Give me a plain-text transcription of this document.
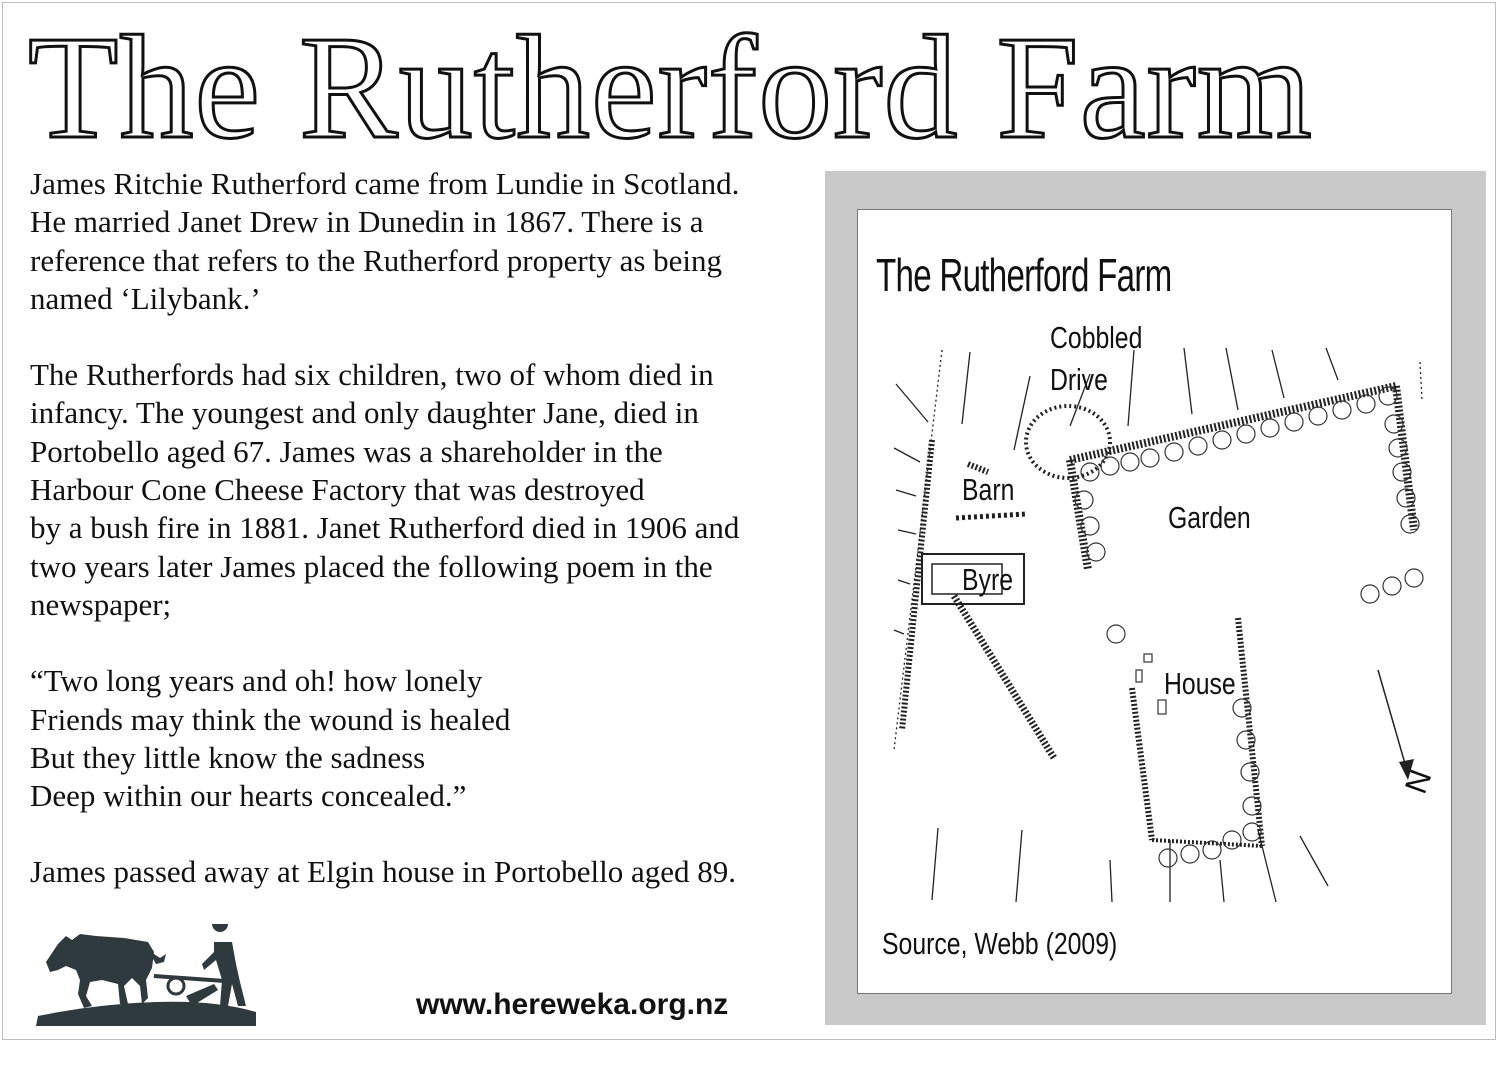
The Rutherford Farm

James Ritchie Rutherford came from Lundie in Scotland.
He married Janet Drew in Dunedin in 1867. There is a
reference that refers to the Rutherford property as being
named ‘Lilybank.’

The Rutherfords had six children, two of whom died in
infancy. The youngest and only daughter Jane, died in
Portobello aged 67. James was a shareholder in the
Harbour Cone Cheese Factory that was destroyed
by a bush fire in 1881. Janet Rutherford died in 1906 and
two years later James placed the following poem in the
newspaper;

“Two long years and oh! how lonely
Friends may think the wound is healed
But they little know the sadness
Deep within our hearts concealed.”

James passed away at Elgin house in Portobello aged 89.

www.hereweka.org.nz
The Rutherford Farm
Cobbled
Drive
Barn
Byre
Garden
House
N
Source, Webb (2009)
